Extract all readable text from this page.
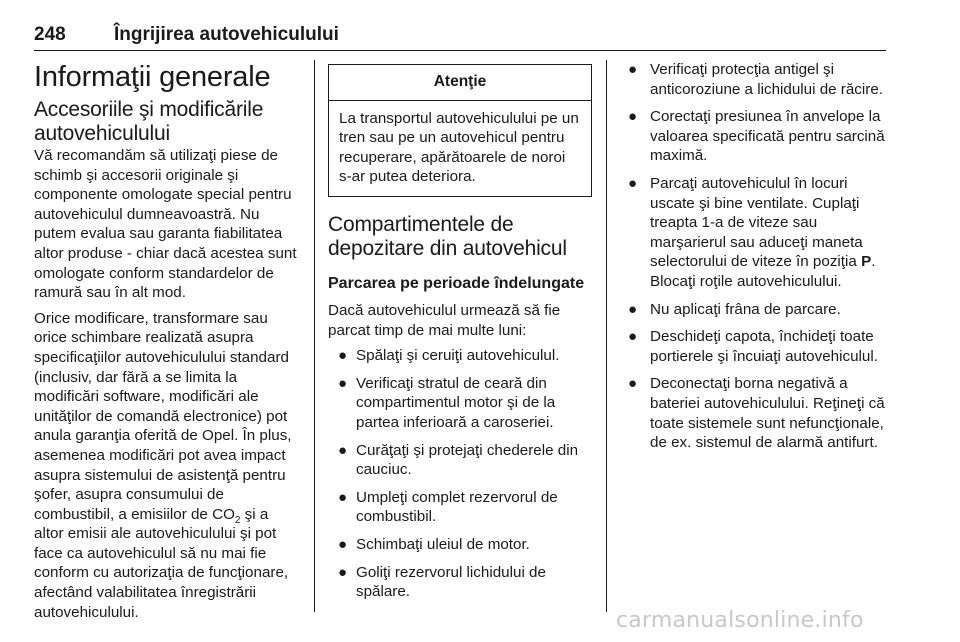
248	Îngrijirea autovehiculului
Informaţii generale
Accesoriile şi modificările autovehiculului

Vă recomandăm să utilizaţi piese de schimb şi accesorii originale şi componente omologate special pentru autovehiculul dumneavoastră. Nu putem evalua sau garanta fiabilitatea altor produse - chiar dacă acestea sunt omologate conform standardelor de ramură sau în alt mod.

Orice modificare, transformare sau orice schimbare realizată asupra specificaţiilor autovehiculului standard (inclusiv, dar fără a se limita la modificări software, modificări ale unităţilor de comandă electronice) pot anula garanţia oferită de Opel. În plus, asemenea modificări pot avea impact asupra sistemului de asistenţă pentru şofer, asupra consumului de combustibil, a emisiilor de $CO_2$ şi a altor emisii ale autovehiculului şi pot face ca autovehiculul să nu mai fie conform cu autorizaţia de funcţionare, afectând valabilitatea înregistrării autovehiculului.

Atenţie
La transportul autovehiculului pe un tren sau pe un autovehicul pentru recuperare, apărătoarele de noroi s-ar putea deteriora.
Compartimentele de depozitare din autovehicul
Parcarea pe perioade îndelungate

Dacă autovehiculul urmează să fie parcat timp de mai multe luni:

● Spălaţi şi ceruiţi autovehiculul.
● Verificaţi stratul de ceară din compartimentul motor şi de la partea inferioară a caroseriei.
● Curăţaţi şi protejaţi chederele din cauciuc.
● Umpleţi complet rezervorul de combustibil.
● Schimbaţi uleiul de motor.
● Goliţi rezervorul lichidului de spălare.
● Verificaţi protecţia antigel şi anticoroziune a lichidului de răcire.
● Corectaţi presiunea în anvelope la valoarea specificată pentru sarcină maximă.
● Parcaţi autovehiculul în locuri uscate şi bine ventilate. Cuplaţi treapta 1-a de viteze sau marşarierul sau aduceţi maneta selectorului de viteze în poziţia P. Blocaţi roţile autovehiculului.
● Nu aplicaţi frâna de parcare.
● Deschideţi capota, închideţi toate portierele şi încuiaţi autovehiculul.
● Deconectaţi borna negativă a bateriei autovehiculului. Reţineţi că toate sistemele sunt nefuncţionale, de ex. sistemul de alarmă antifurt.
carmanualsonline.info
